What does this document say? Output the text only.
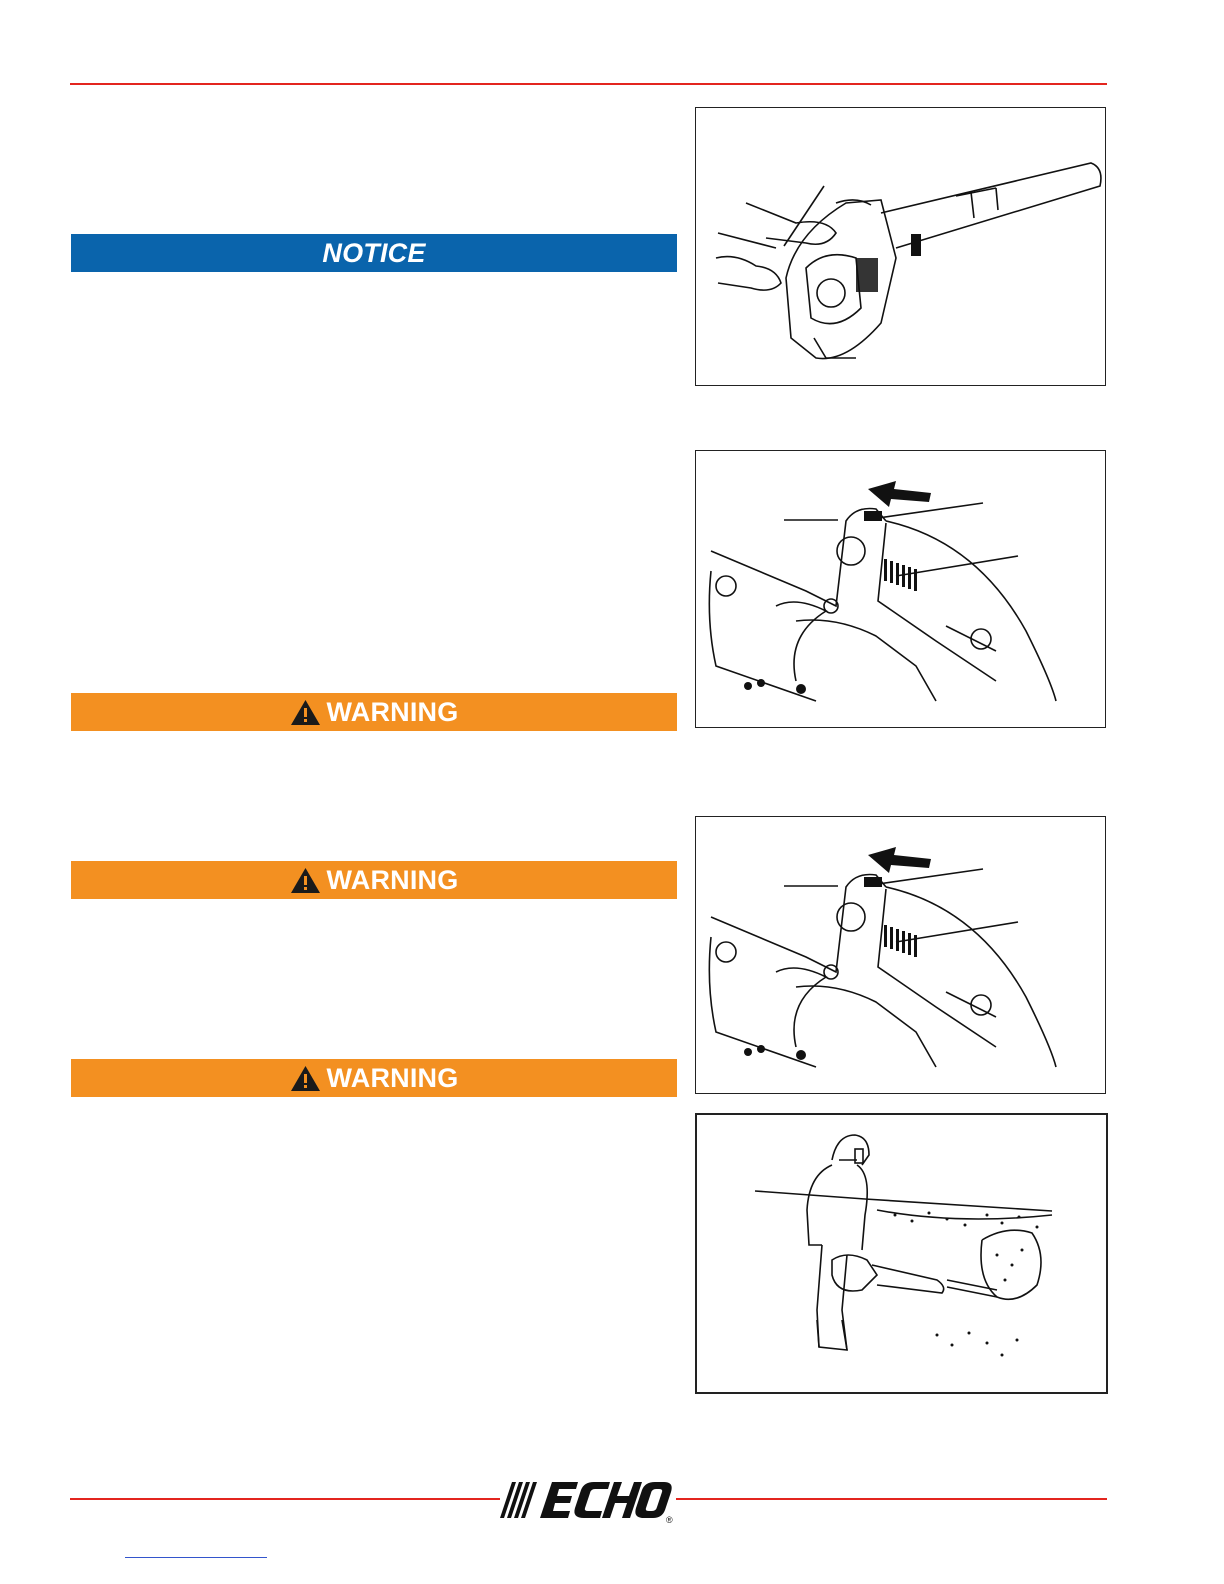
NOTICE
WARNING
WARNING
WARNING
®
